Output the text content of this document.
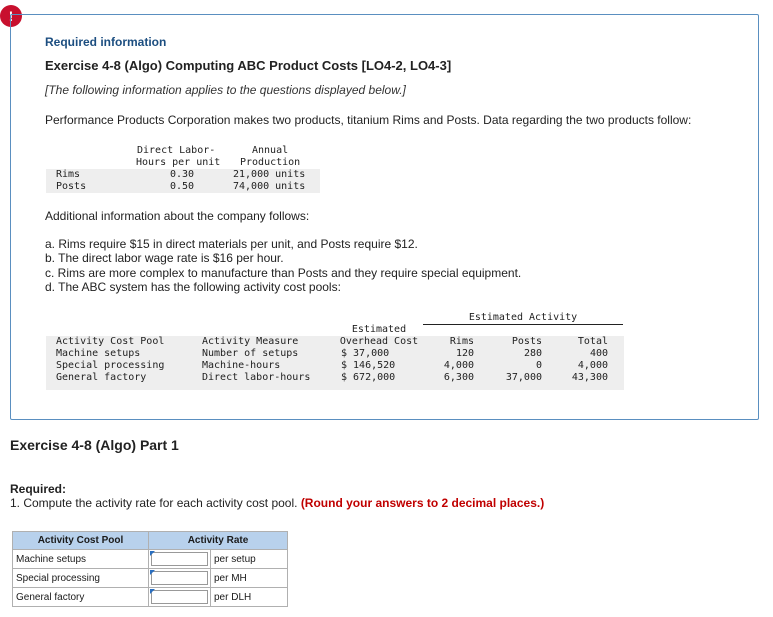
!
Required information
Exercise 4-8 (Algo) Computing ABC Product Costs [LO4-2, LO4-3]
[The following information applies to the questions displayed below.]
Performance Products Corporation makes two products, titanium Rims and Posts. Data regarding the two products follow:
Direct Labor-
Hours per unit
Annual
Production
Rims	0.30	21,000 units
Posts	0.50	74,000 units
Additional information about the company follows:
a. Rims require $15 in direct materials per unit, and Posts require $12.
b. The direct labor wage rate is $16 per hour.
c. Rims are more complex to manufacture than Posts and they require special equipment.
d. The ABC system has the following activity cost pools:
Estimated Activity
Estimated
Activity Cost Pool	Activity Measure	Overhead Cost	Rims	Posts	Total
Machine setups	Number of setups	$ 37,000	120	280	400
Special processing	Machine-hours	$ 146,520	4,000	0	4,000
General factory	Direct labor-hours	$ 672,000	6,300	37,000	43,300
Exercise 4-8 (Algo) Part 1
Required:
1. Compute the activity rate for each activity cost pool. (Round your answers to 2 decimal places.)
Activity Cost Pool	Activity Rate	
Machine setups		per setup
Special processing		per MH
General factory		per DLH
